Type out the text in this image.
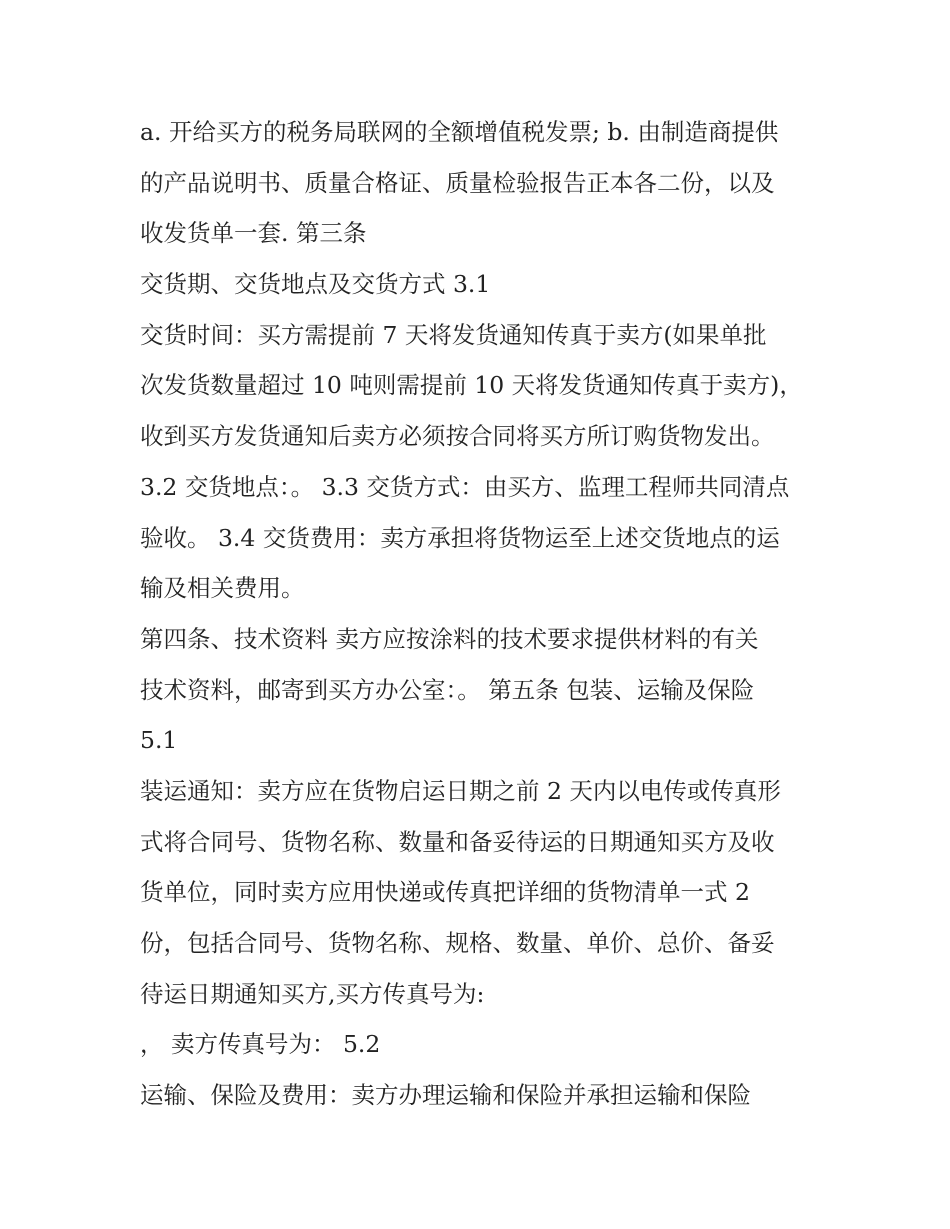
a. 开给买方的税务局联网的全额增值税发票; b. 由制造商提供
的产品说明书、质量合格证、质量检验报告正本各二份，以及
收发货单一套. 第三条
交货期、交货地点及交货方式 3.1
交货时间：买方需提前 7 天将发货通知传真于卖方(如果单批
次发货数量超过 10 吨则需提前 10 天将发货通知传真于卖方)，
收到买方发货通知后卖方必须按合同将买方所订购货物发出。
3.2 交货地点：。 3.3 交货方式：由买方、监理工程师共同清点
验收。 3.4 交货费用：卖方承担将货物运至上述交货地点的运
输及相关费用。
第四条、技术资料 卖方应按涂料的技术要求提供材料的有关
技术资料，邮寄到买方办公室：。 第五条 包装、运输及保险
5.1
装运通知：卖方应在货物启运日期之前 2 天内以电传或传真形
式将合同号、货物名称、数量和备妥待运的日期通知买方及收
货单位，同时卖方应用快递或传真把详细的货物清单一式 2
份，包括合同号、货物名称、规格、数量、单价、总价、备妥
待运日期通知买方,买方传真号为:
， 卖方传真号为： 5.2
运输、保险及费用：卖方办理运输和保险并承担运输和保险
